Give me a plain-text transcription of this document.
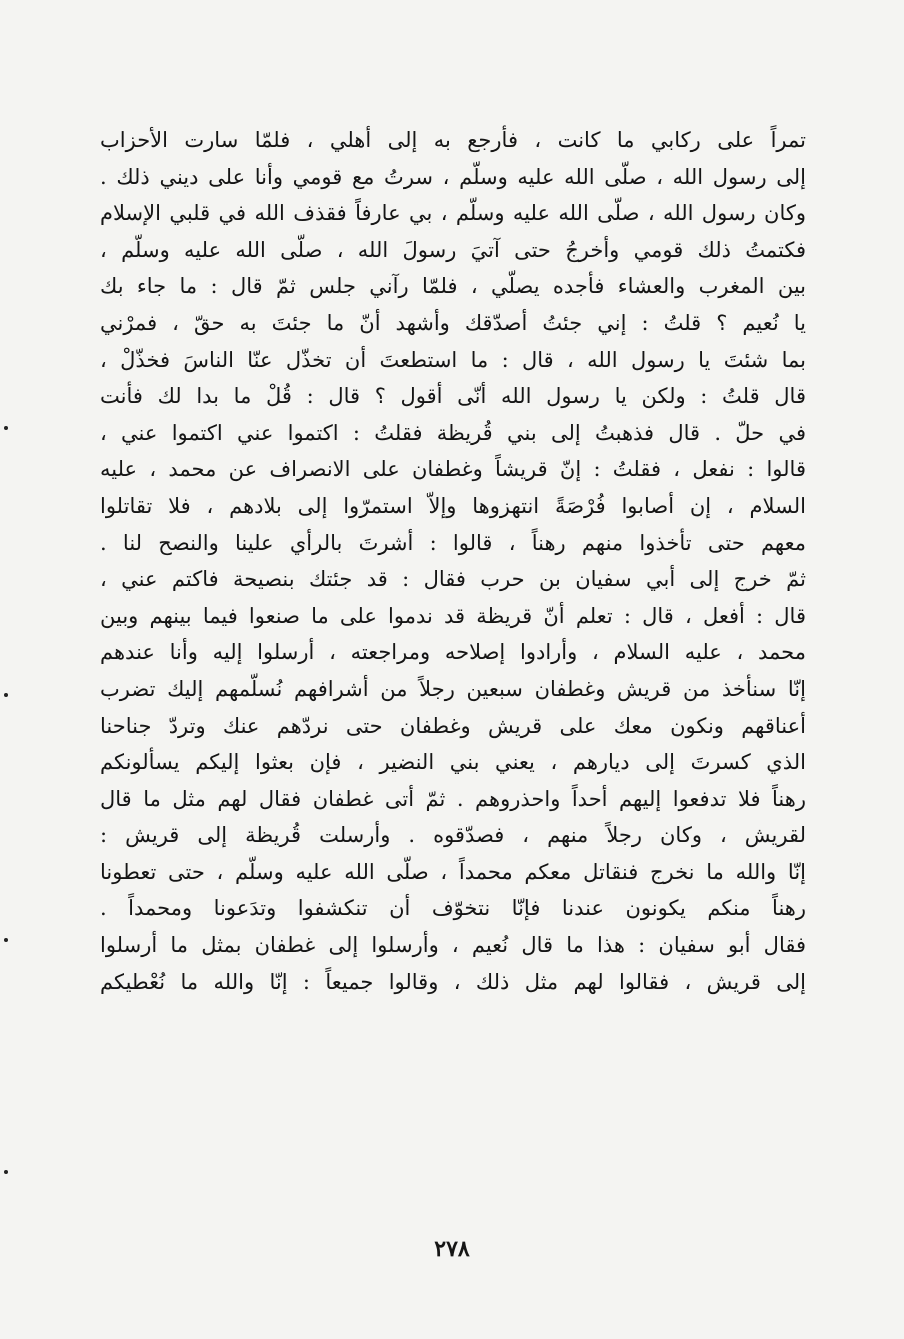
تمراً على ركابي ما كانت ، فأرجع به إلى أهلي ، فلمّا سارت الأحزاب
إلى رسول الله ، صلّى الله عليه وسلّم ، سرتُ مع قومي وأنا على ديني ذلك .
وكان رسول الله ، صلّى الله عليه وسلّم ، بي عارفاً فقذف الله في قلبي الإسلام
فكتمتُ ذلك قومي وأخرجُ حتى آتيَ رسولَ الله ، صلّى الله عليه وسلّم ،
بين المغرب والعشاء فأجده يصلّي ، فلمّا رآني جلس ثمّ قال : ما جاء بك
يا نُعيم ؟ قلتُ : إني جئتُ أصدّقك وأشهد أنّ ما جئتَ به حقّ ، فمرْني
بما شئتَ يا رسول الله ، قال : ما استطعتَ أن تخذّل عنّا الناسَ فخذّلْ ،
قال قلتُ : ولكن يا رسول الله أنّى أقول ؟ قال : قُلْ ما بدا لك فأنت
في حلّ . قال فذهبتُ إلى بني قُريظة فقلتُ : اكتموا عني اكتموا عني ،
قالوا : نفعل ، فقلتُ : إنّ قريشاً وغطفان على الانصراف عن محمد ، عليه
السلام ، إن أصابوا فُرْصَةً انتهزوها وإلاّ استمرّوا إلى بلادهم ، فلا تقاتلوا
معهم حتى تأخذوا منهم رهناً ، قالوا : أشرتَ بالرأي علينا والنصح لنا .
ثمّ خرج إلى أبي سفيان بن حرب فقال : قد جئتك بنصيحة فاكتم عني ،
قال : أفعل ، قال : تعلم أنّ قريظة قد ندموا على ما صنعوا فيما بينهم وبين
محمد ، عليه السلام ، وأرادوا إصلاحه ومراجعته ، أرسلوا إليه وأنا عندهم
إنّا سنأخذ من قريش وغطفان سبعين رجلاً من أشرافهم نُسلّمهم إليك تضرب
أعناقهم ونكون معك على قريش وغطفان حتى نردّهم عنك وتردّ جناحنا
الذي كسرتَ إلى ديارهم ، يعني بني النضير ، فإن بعثوا إليكم يسألونكم
رهناً فلا تدفعوا إليهم أحداً واحذروهم . ثمّ أتى غطفان فقال لهم مثل ما قال
لقريش ، وكان رجلاً منهم ، فصدّقوه . وأرسلت قُريظة إلى قريش :
إنّا والله ما نخرج فنقاتل معكم محمداً ، صلّى الله عليه وسلّم ، حتى تعطونا
رهناً منكم يكونون عندنا فإنّا نتخوّف أن تنكشفوا وتدَعونا ومحمداً .
فقال أبو سفيان : هذا ما قال نُعيم ، وأرسلوا إلى غطفان بمثل ما أرسلوا
إلى قريش ، فقالوا لهم مثل ذلك ، وقالوا جميعاً : إنّا والله ما نُعْطيكم
٢٧٨
